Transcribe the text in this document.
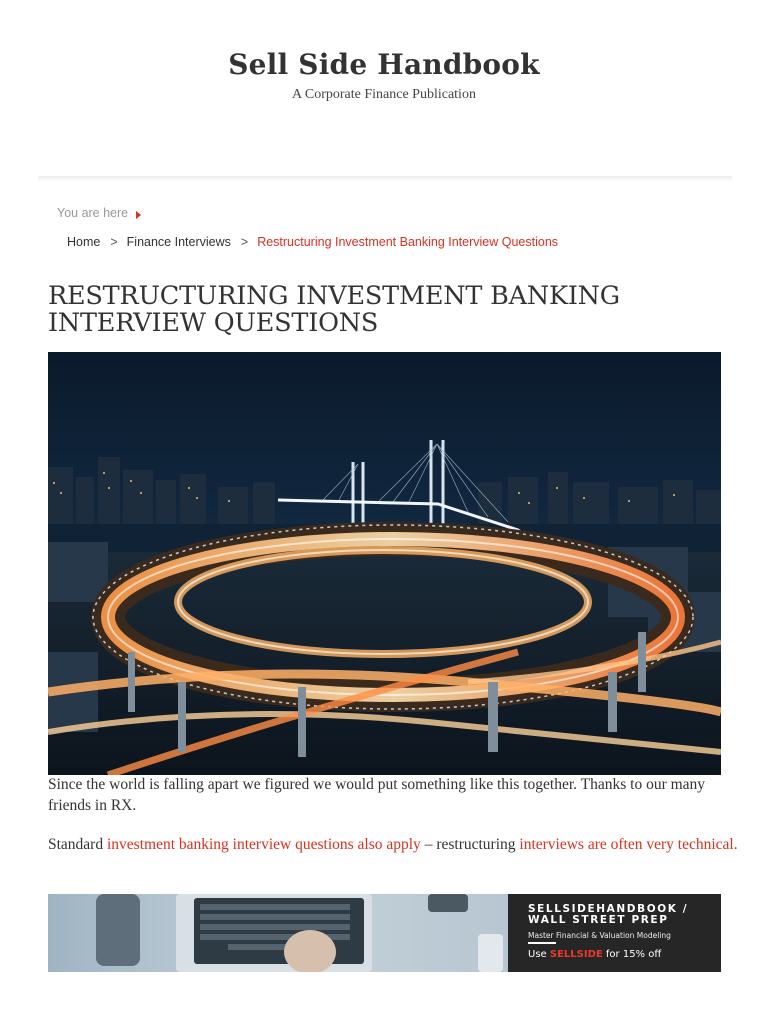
Sell Side Handbook
A Corporate Finance Publication
You are here
Home > Finance Interviews > Restructuring Investment Banking Interview Questions
RESTRUCTURING INVESTMENT BANKING INTERVIEW QUESTIONS

Since the world is falling apart we figured we would put something like this together. Thanks to our many friends in RX.

Standard investment banking interview questions also apply – restructuring interviews are often very technical.

SELLSIDEHANDBOOK /
WALL STREET PREP
Master Financial & Valuation Modeling
Use SELLSIDE for 15% off
